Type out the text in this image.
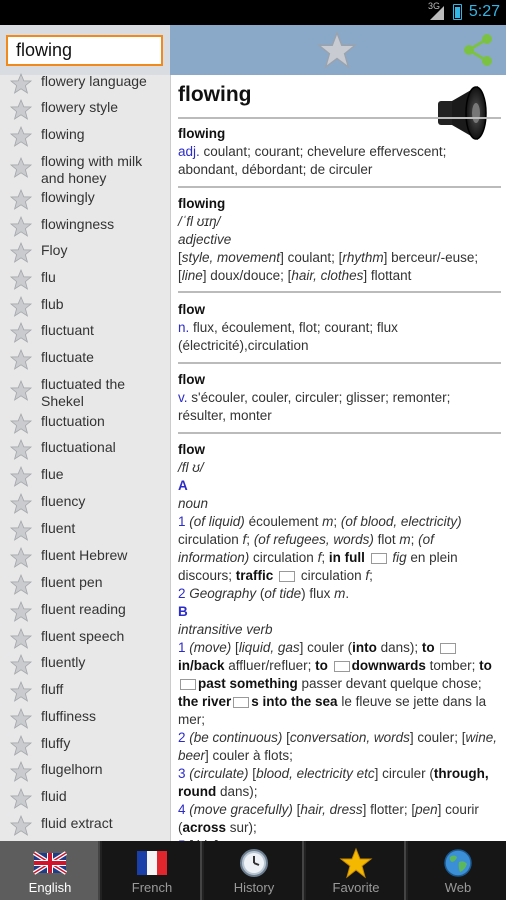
3G 5:27
flowing
flowery language
flowery style
flowing
flowing with milk and honey
flowingly
flowingness
Floy
flu
flub
fluctuant
fluctuate
fluctuated the Shekel
fluctuation
fluctuational
flue
fluency
fluent
fluent Hebrew
fluent pen
fluent reading
fluent speech
fluently
fluff
fluffiness
fluffy
flugelhorn
fluid
fluid extract
flowing
flowing
adj. coulant; courant; chevelure effervescent; abondant, débordant; de circuler
flowing
/ˈfl ʊɪŋ/
adjective
[style, movement] coulant; [rhythm] berceur/-euse; [line] doux/douce; [hair, clothes] flottant
flow
n. flux, écoulement, flot; courant; flux (électricité),circulation
flow
v. s'écouler, couler, circuler; glisser; remonter; résulter, monter
flow
/fl ʊ/
A
noun
1 (of liquid) écoulement m; (of blood, electricity) circulation f; (of refugees, words) flot m; (of information) circulation f; in full fig en plein discours; traffic  circulation f;
2 Geography (of tide) flux m.
B
intransitive verb
1 (move) [liquid, gas] couler (into dans); to in/back affluer/refluer; to downwards tomber; to past something passer devant quelque chose; the river s into the sea le fleuve se jette dans la mer;
2 (be continuous) [conversation, words] couler; [wine, beer] couler à flots;
3 (circulate) [blood, electricity etc] circuler (through, round dans);
4 (move gracefully) [hair, dress] flotter; [pen] courir (across sur);

English	French	History	Favorite	Web
